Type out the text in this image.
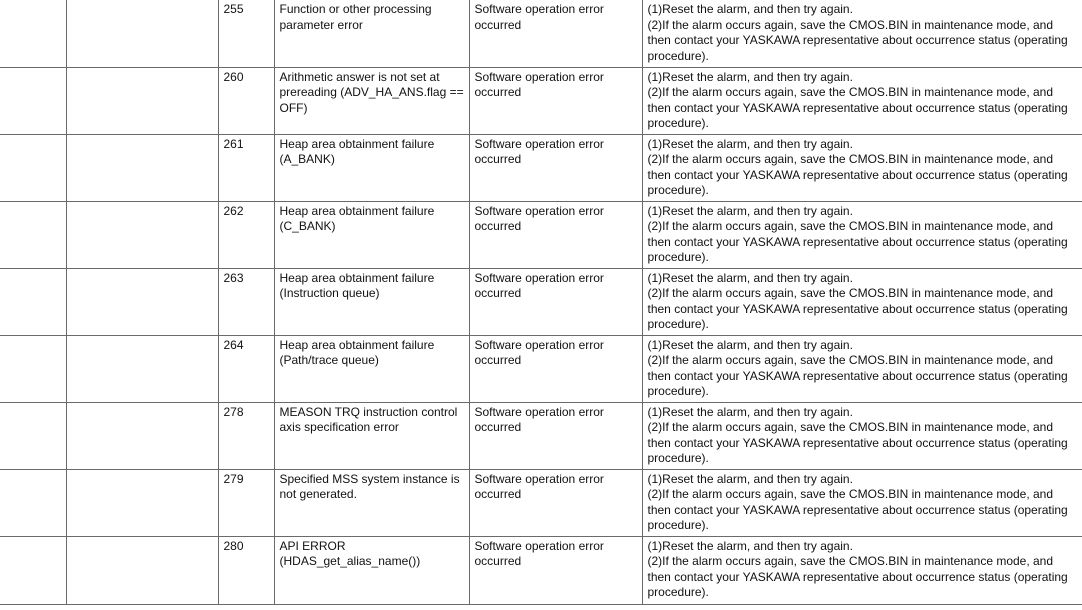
		255	Function or other processing parameter error	Software operation error occurred	(1)Reset the alarm, and then try again.
(2)If the alarm occurs again, save the CMOS.BIN in maintenance mode, and then contact your YASKAWA representative about occurrence status (operating procedure).
		260	Arithmetic answer is not set at prereading (ADV_HA_ANS.flag == OFF)	Software operation error occurred	(1)Reset the alarm, and then try again.
(2)If the alarm occurs again, save the CMOS.BIN in maintenance mode, and then contact your YASKAWA representative about occurrence status (operating procedure).
		261	Heap area obtainment failure (A_BANK)	Software operation error occurred	(1)Reset the alarm, and then try again.
(2)If the alarm occurs again, save the CMOS.BIN in maintenance mode, and then contact your YASKAWA representative about occurrence status (operating procedure).
		262	Heap area obtainment failure (C_BANK)	Software operation error occurred	(1)Reset the alarm, and then try again.
(2)If the alarm occurs again, save the CMOS.BIN in maintenance mode, and then contact your YASKAWA representative about occurrence status (operating procedure).
		263	Heap area obtainment failure (Instruction queue)	Software operation error occurred	(1)Reset the alarm, and then try again.
(2)If the alarm occurs again, save the CMOS.BIN in maintenance mode, and then contact your YASKAWA representative about occurrence status (operating procedure).
		264	Heap area obtainment failure
(Path/trace queue)	Software operation error occurred	(1)Reset the alarm, and then try again.
(2)If the alarm occurs again, save the CMOS.BIN in maintenance mode, and then contact your YASKAWA representative about occurrence status (operating procedure).
		278	MEASON TRQ instruction control axis specification error	Software operation error occurred	(1)Reset the alarm, and then try again.
(2)If the alarm occurs again, save the CMOS.BIN in maintenance mode, and then contact your YASKAWA representative about occurrence status (operating procedure).
		279	Specified MSS system instance is not generated.	Software operation error occurred	(1)Reset the alarm, and then try again.
(2)If the alarm occurs again, save the CMOS.BIN in maintenance mode, and then contact your YASKAWA representative about occurrence status (operating procedure).
		280	API ERROR
(HDAS_get_alias_name())	Software operation error occurred	(1)Reset the alarm, and then try again.
(2)If the alarm occurs again, save the CMOS.BIN in maintenance mode, and then contact your YASKAWA representative about occurrence status (operating procedure).
